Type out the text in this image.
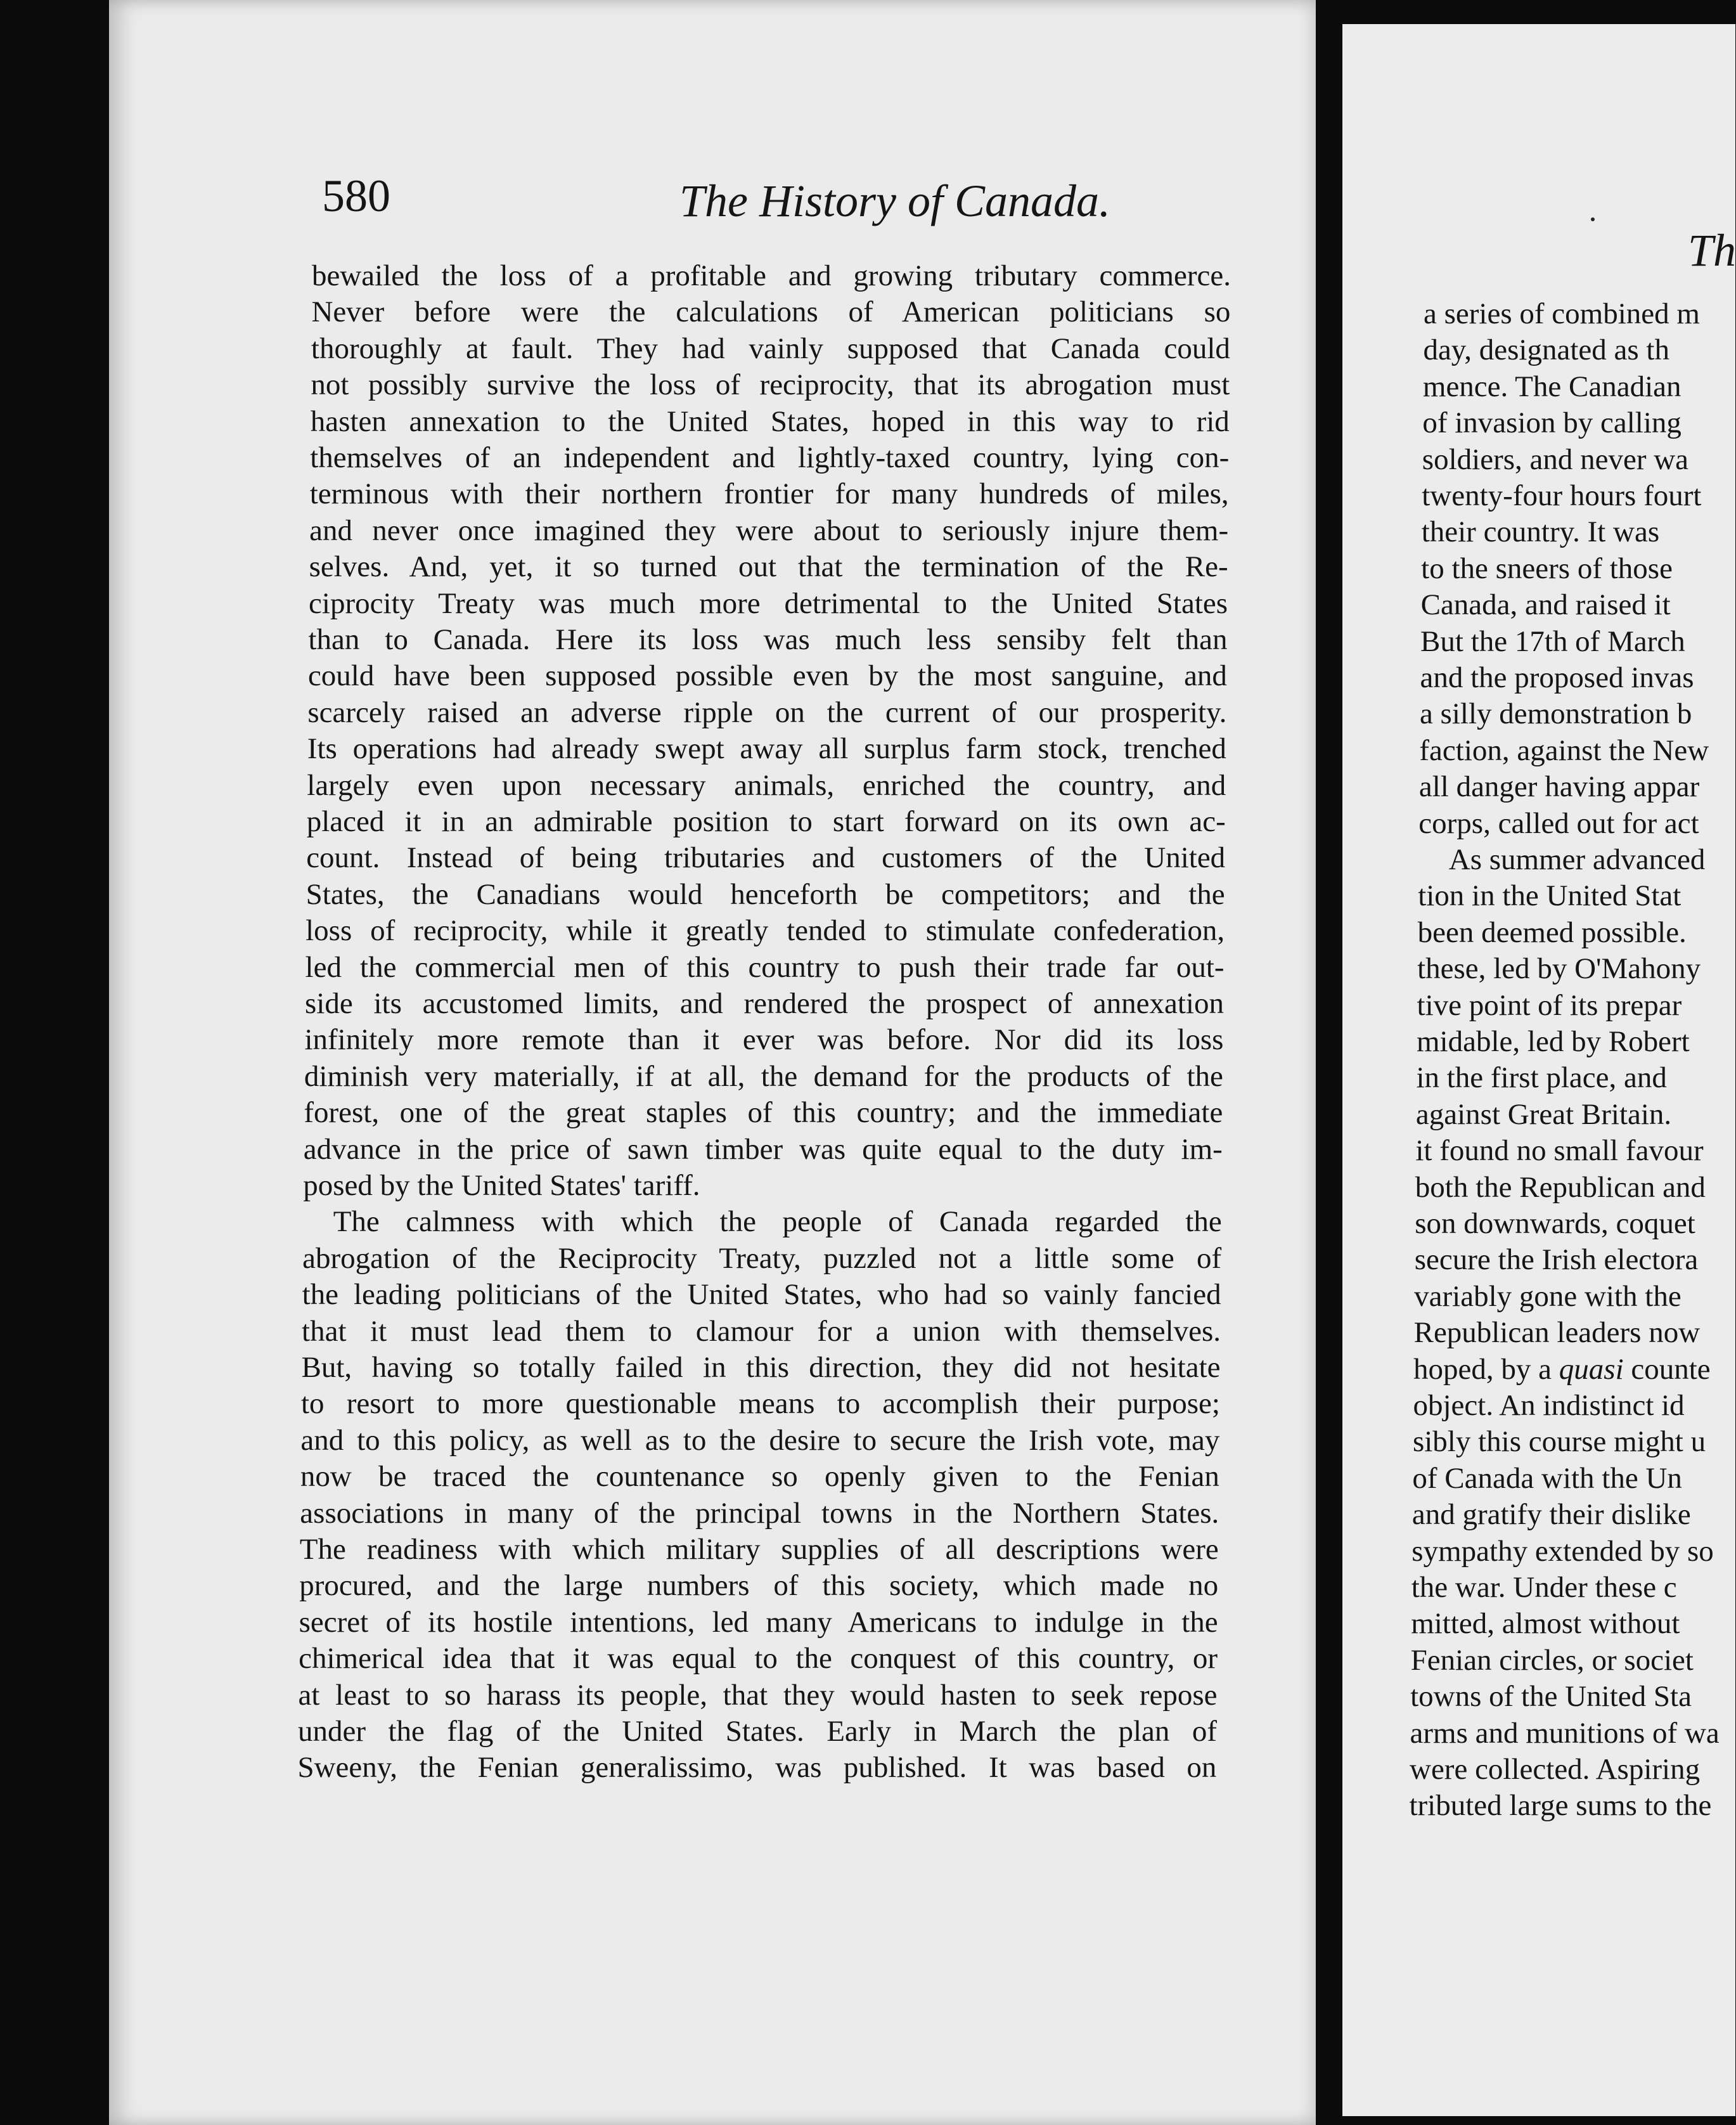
580	The History of Canada.
bewailed the loss of a profitable and growing tributary commerce.
Never before were the calculations of American politicians so
thoroughly at fault. They had vainly supposed that Canada could
not possibly survive the loss of reciprocity, that its abrogation must
hasten annexation to the United States, hoped in this way to rid
themselves of an independent and lightly-taxed country, lying con-
terminous with their northern frontier for many hundreds of miles,
and never once imagined they were about to seriously injure them-
selves. And, yet, it so turned out that the termination of the Re-
ciprocity Treaty was much more detrimental to the United States
than to Canada. Here its loss was much less sensiby felt than
could have been supposed possible even by the most sanguine, and
scarcely raised an adverse ripple on the current of our prosperity.
Its operations had already swept away all surplus farm stock, trenched
largely even upon necessary animals, enriched the country, and
placed it in an admirable position to start forward on its own ac-
count. Instead of being tributaries and customers of the United
States, the Canadians would henceforth be competitors; and the
loss of reciprocity, while it greatly tended to stimulate confederation,
led the commercial men of this country to push their trade far out-
side its accustomed limits, and rendered the prospect of annexation
infinitely more remote than it ever was before. Nor did its loss
diminish very materially, if at all, the demand for the products of the
forest, one of the great staples of this country; and the immediate
advance in the price of sawn timber was quite equal to the duty im-
posed by the United States' tariff.
The calmness with which the people of Canada regarded the
abrogation of the Reciprocity Treaty, puzzled not a little some of
the leading politicians of the United States, who had so vainly fancied
that it must lead them to clamour for a union with themselves.
But, having so totally failed in this direction, they did not hesitate
to resort to more questionable means to accomplish their purpose;
and to this policy, as well as to the desire to secure the Irish vote, may
now be traced the countenance so openly given to the Fenian
associations in many of the principal towns in the Northern States.
The readiness with which military supplies of all descriptions were
procured, and the large numbers of this society, which made no
secret of its hostile intentions, led many Americans to indulge in the
chimerical idea that it was equal to the conquest of this country, or
at least to so harass its people, that they would hasten to seek repose
under the flag of the United States. Early in March the plan of
Sweeny, the Fenian generalissimo, was published. It was based on
Th
a series of combined m
day, designated as th
mence. The Canadian
of invasion by calling
soldiers, and never wa
twenty-four hours fourt
their country. It was
to the sneers of those
Canada, and raised it
But the 17th of March
and the proposed invas
a silly demonstration b
faction, against the New
all danger having appar
corps, called out for act
As summer advanced
tion in the United Stat
been deemed possible.
these, led by O'Mahony
tive point of its prepar
midable, led by Robert
in the first place, and
against Great Britain.
it found no small favour
both the Republican and
son downwards, coquet
secure the Irish electora
variably gone with the
Republican leaders now
hoped, by a quasi counte
object. An indistinct id
sibly this course might u
of Canada with the Un
and gratify their dislike
sympathy extended by so
the war. Under these c
mitted, almost without
Fenian circles, or societ
towns of the United Sta
arms and munitions of wa
were collected. Aspiring
tributed large sums to the
